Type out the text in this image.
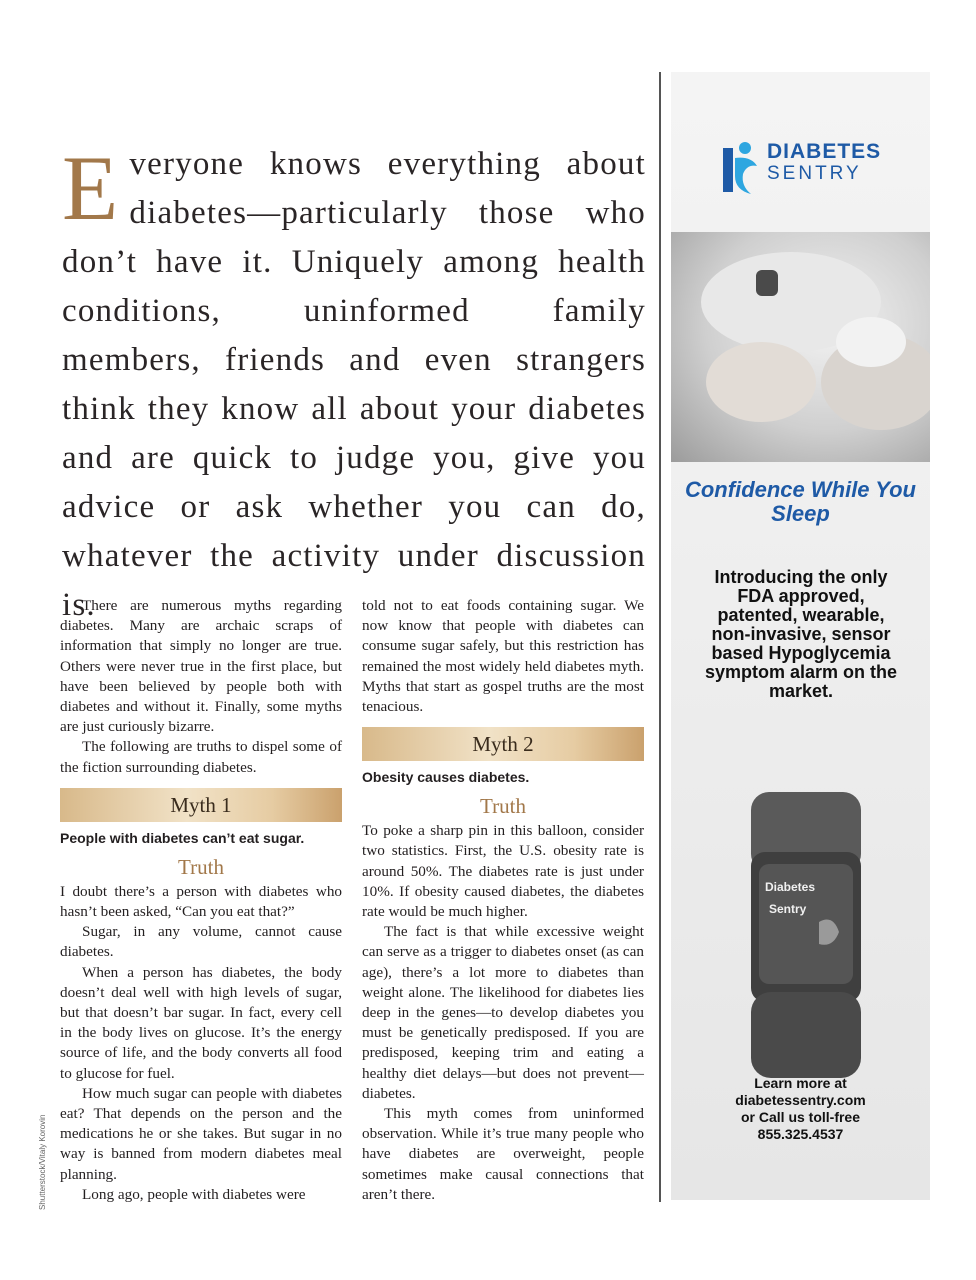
Everyone knows everything about diabetes—particularly those who don’t have it. Uniquely among health conditions, uninformed family members, friends and even strangers think they know all about your diabetes and are quick to judge you, give you advice or ask whether you can do, whatever the activity under discussion is.

There are numerous myths regarding diabetes. Many are archaic scraps of information that simply no longer are true. Others were never true in the first place, but have been believed by people both with diabetes and without it. Finally, some myths are just curiously bizarre.

The following are truths to dispel some of the fiction surrounding diabetes.

Myth 1
People with diabetes can’t eat sugar.
Truth

I doubt there’s a person with diabetes who hasn’t been asked, “Can you eat that?”

Sugar, in any volume, cannot cause diabetes.

When a person has diabetes, the body doesn’t deal well with high levels of sugar, but that doesn’t bar sugar. In fact, every cell in the body lives on glucose. It’s the energy source of life, and the body converts all food to glucose for fuel.

How much sugar can people with diabetes eat? That depends on the person and the medications he or she takes. But sugar in no way is banned from modern diabetes meal planning.

Long ago, people with diabetes were

told not to eat foods containing sugar. We now know that people with diabetes can consume sugar safely, but this restriction has remained the most widely held diabetes myth. Myths that start as gospel truths are the most tenacious.

Myth 2
Obesity causes diabetes.
Truth

To poke a sharp pin in this balloon, consider two statistics. First, the U.S. obesity rate is around 50%. The diabetes rate is just under 10%. If obesity caused diabetes, the diabetes rate would be much higher.

The fact is that while excessive weight can serve as a trigger to diabetes onset (as can age), there’s a lot more to diabetes than weight alone. The likelihood for diabetes lies deep in the genes—to develop diabetes you must be genetically predisposed. If you are predisposed, keeping trim and eating a healthy diet delays—but does not prevent—diabetes.

This myth comes from uninformed observation. While it’s true many people who have diabetes are overweight, people sometimes make causal connections that aren’t there.

Shutterstock/Vitaly Korovin
DIABETES
SENTRY
Confidence While You Sleep
Introducing the only FDA approved, patented, wearable, non-invasive, sensor based Hypoglycemia symptom alarm on the market.
Diabetes
Sentry
Learn more at
diabetessentry.com
or Call us toll-free
855.325.4537
